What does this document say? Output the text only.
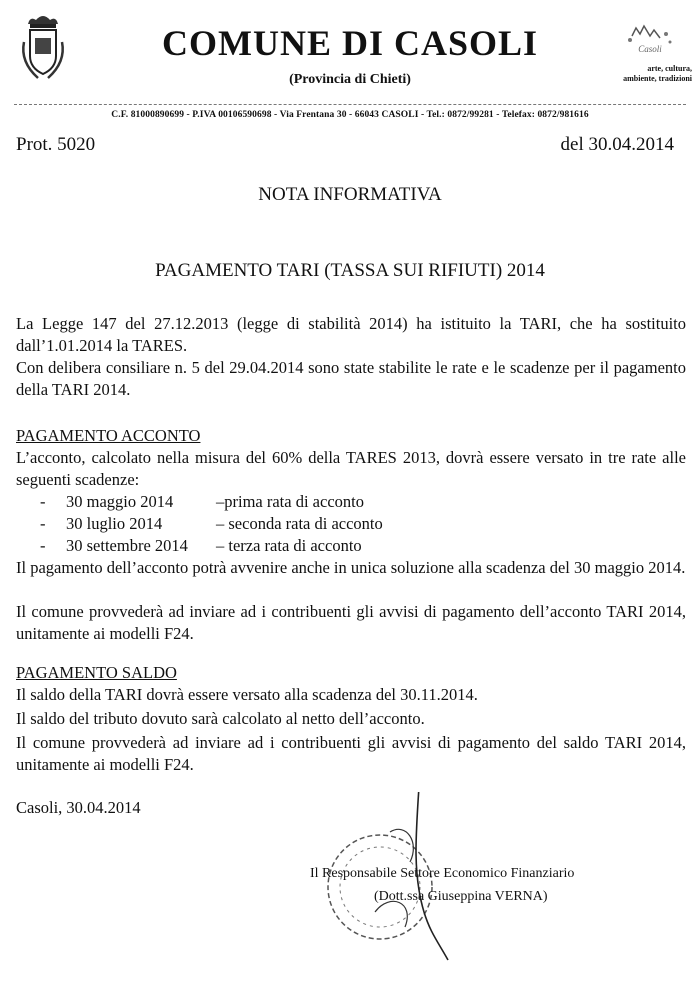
COMUNE DI CASOLI
(Provincia di Chieti)
Casoli
arte, cultura,
ambiente, tradizioni
C.F. 81000890699 - P.IVA 00106590698 - Via Frentana 30 - 66043 CASOLI - Tel.: 0872/99281 - Telefax: 0872/981616
Prot. 5020	del 30.04.2014
NOTA INFORMATIVA
PAGAMENTO TARI (TASSA SUI RIFIUTI) 2014
La Legge 147 del 27.12.2013 (legge di stabilità 2014) ha istituito la TARI, che ha sostituito dall’1.01.2014 la TARES.
Con delibera consiliare n. 5 del 29.04.2014 sono state stabilite le rate e le scadenze per il pagamento della TARI 2014.
PAGAMENTO ACCONTO
L’acconto, calcolato nella misura del 60% della TARES 2013, dovrà essere versato in tre rate alle seguenti scadenze:
- 30 maggio 2014	–prima rata di acconto
- 30 luglio 2014	– seconda rata di acconto
- 30 settembre 2014 – terza rata di acconto
Il pagamento dell’acconto potrà avvenire anche in unica soluzione alla scadenza del 30 maggio 2014.
Il comune provvederà ad inviare ad i contribuenti gli avvisi di pagamento dell’acconto TARI 2014, unitamente ai modelli F24.
PAGAMENTO SALDO
Il saldo della TARI dovrà essere versato alla scadenza del 30.11.2014.
Il saldo del tributo dovuto sarà calcolato al netto dell’acconto.
Il comune provvederà ad inviare ad i contribuenti gli avvisi di pagamento del saldo TARI 2014, unitamente ai modelli F24.
Casoli, 30.04.2014
Il Responsabile Settore Economico Finanziario
(Dott.ssa Giuseppina VERNA)
